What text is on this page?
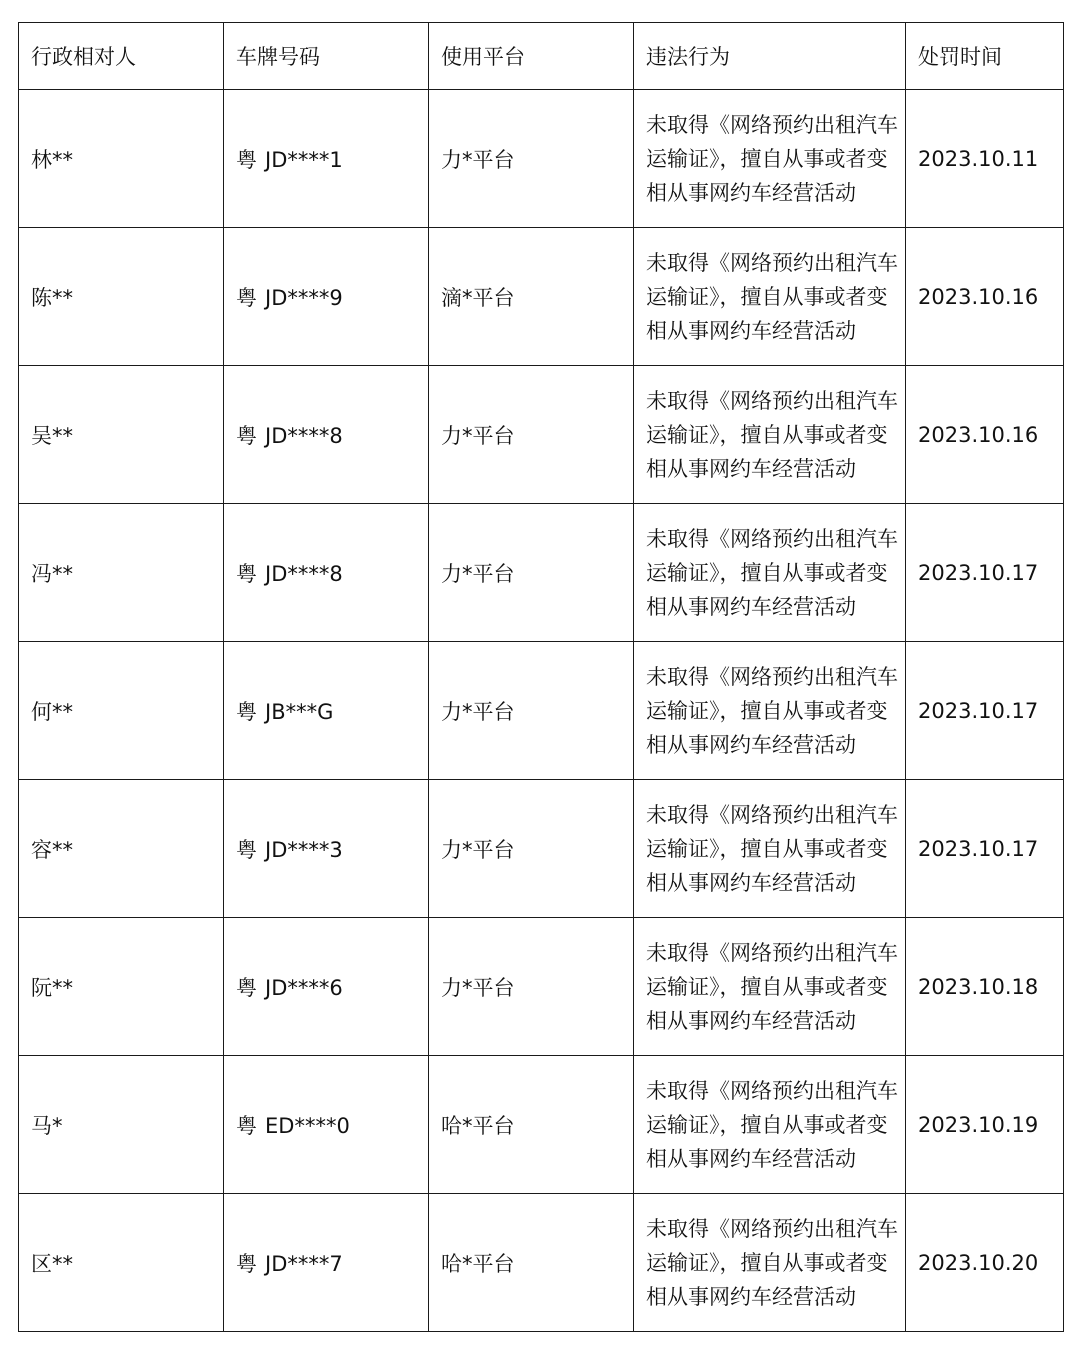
行政相对人	车牌号码	使用平台	违法行为	处罚时间
林**	粤 JD****1	力*平台	未取得《网络预约出租汽车运输证》，擅自从事或者变相从事网约车经营活动	2023.10.11
陈**	粤 JD****9	滴*平台	未取得《网络预约出租汽车运输证》，擅自从事或者变相从事网约车经营活动	2023.10.16
吴**	粤 JD****8	力*平台	未取得《网络预约出租汽车运输证》，擅自从事或者变相从事网约车经营活动	2023.10.16
冯**	粤 JD****8	力*平台	未取得《网络预约出租汽车运输证》，擅自从事或者变相从事网约车经营活动	2023.10.17
何**	粤 JB***G	力*平台	未取得《网络预约出租汽车运输证》，擅自从事或者变相从事网约车经营活动	2023.10.17
容**	粤 JD****3	力*平台	未取得《网络预约出租汽车运输证》，擅自从事或者变相从事网约车经营活动	2023.10.17
阮**	粤 JD****6	力*平台	未取得《网络预约出租汽车运输证》，擅自从事或者变相从事网约车经营活动	2023.10.18
马*	粤 ED****0	哈*平台	未取得《网络预约出租汽车运输证》，擅自从事或者变相从事网约车经营活动	2023.10.19
区**	粤 JD****7	哈*平台	未取得《网络预约出租汽车运输证》，擅自从事或者变相从事网约车经营活动	2023.10.20
